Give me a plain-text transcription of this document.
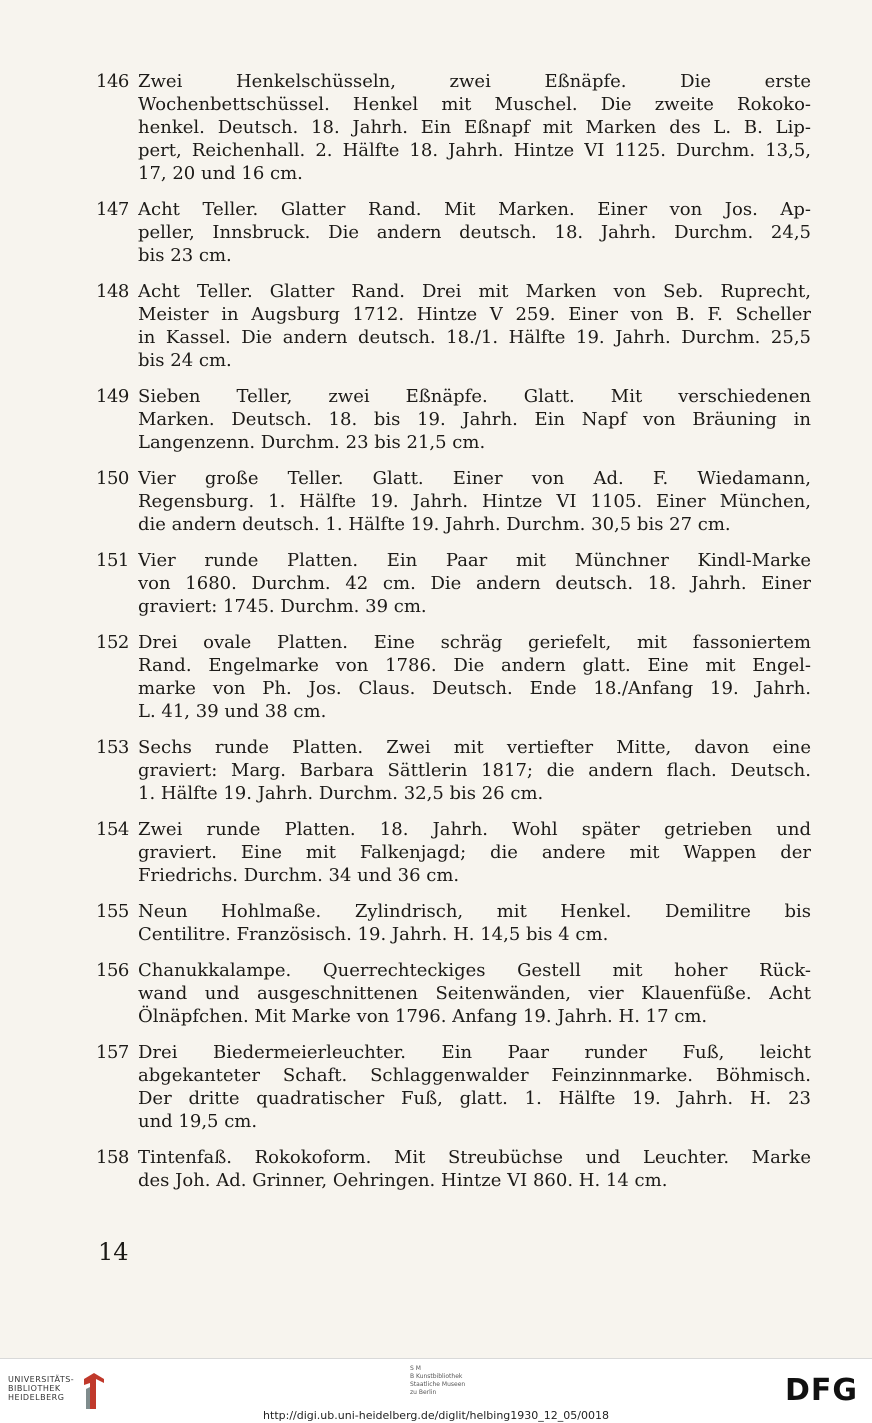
146 Zwei Henkelschüsseln, zwei Eßnäpfe. Die erste
Wochenbettschüssel. Henkel mit Muschel. Die zweite Rokoko-
henkel. Deutsch. 18. Jahrh. Ein Eßnapf mit Marken des L. B. Lip-
pert, Reichenhall. 2. Hälfte 18. Jahrh. Hintze VI 1125. Durchm. 13,5,
17, 20 und 16 cm.
147 Acht Teller. Glatter Rand. Mit Marken. Einer von Jos. Ap-
peller, Innsbruck. Die andern deutsch. 18. Jahrh. Durchm. 24,5
bis 23 cm.
148 Acht Teller. Glatter Rand. Drei mit Marken von Seb. Ruprecht,
Meister in Augsburg 1712. Hintze V 259. Einer von B. F. Scheller
in Kassel. Die andern deutsch. 18./1. Hälfte 19. Jahrh. Durchm. 25,5
bis 24 cm.
149 Sieben Teller, zwei Eßnäpfe. Glatt. Mit verschiedenen
Marken. Deutsch. 18. bis 19. Jahrh. Ein Napf von Bräuning in
Langenzenn. Durchm. 23 bis 21,5 cm.
150 Vier große Teller. Glatt. Einer von Ad. F. Wiedamann,
Regensburg. 1. Hälfte 19. Jahrh. Hintze VI 1105. Einer München,
die andern deutsch. 1. Hälfte 19. Jahrh. Durchm. 30,5 bis 27 cm.
151 Vier runde Platten. Ein Paar mit Münchner Kindl-Marke
von 1680. Durchm. 42 cm. Die andern deutsch. 18. Jahrh. Einer
graviert: 1745. Durchm. 39 cm.
152 Drei ovale Platten. Eine schräg geriefelt, mit fassoniertem
Rand. Engelmarke von 1786. Die andern glatt. Eine mit Engel-
marke von Ph. Jos. Claus. Deutsch. Ende 18./Anfang 19. Jahrh.
L. 41, 39 und 38 cm.
153 Sechs runde Platten. Zwei mit vertiefter Mitte, davon eine
graviert: Marg. Barbara Sättlerin 1817; die andern flach. Deutsch.
1. Hälfte 19. Jahrh. Durchm. 32,5 bis 26 cm.
154 Zwei runde Platten. 18. Jahrh. Wohl später getrieben und
graviert. Eine mit Falkenjagd; die andere mit Wappen der
Friedrichs. Durchm. 34 und 36 cm.
155 Neun Hohlmaße. Zylindrisch, mit Henkel. Demilitre bis
Centilitre. Französisch. 19. Jahrh. H. 14,5 bis 4 cm.
156 Chanukkalampe. Querrechteckiges Gestell mit hoher Rück-
wand und ausgeschnittenen Seitenwänden, vier Klauenfüße. Acht
Ölnäpfchen. Mit Marke von 1796. Anfang 19. Jahrh. H. 17 cm.
157 Drei Biedermeierleuchter. Ein Paar runder Fuß, leicht
abgekanteter Schaft. Schlaggenwalder Feinzinnmarke. Böhmisch.
Der dritte quadratischer Fuß, glatt. 1. Hälfte 19. Jahrh. H. 23
und 19,5 cm.
158 Tintenfaß. Rokokoform. Mit Streubüchse und Leuchter. Marke
des Joh. Ad. Grinner, Oehringen. Hintze VI 860. H. 14 cm.
14
UNIVERSITÄTS-
BIBLIOTHEK
HEIDELBERG
S M
B Kunstbibliothek
Staatliche Museen
zu Berlin	DFG
http://digi.ub.uni-heidelberg.de/diglit/helbing1930_12_05/0018
